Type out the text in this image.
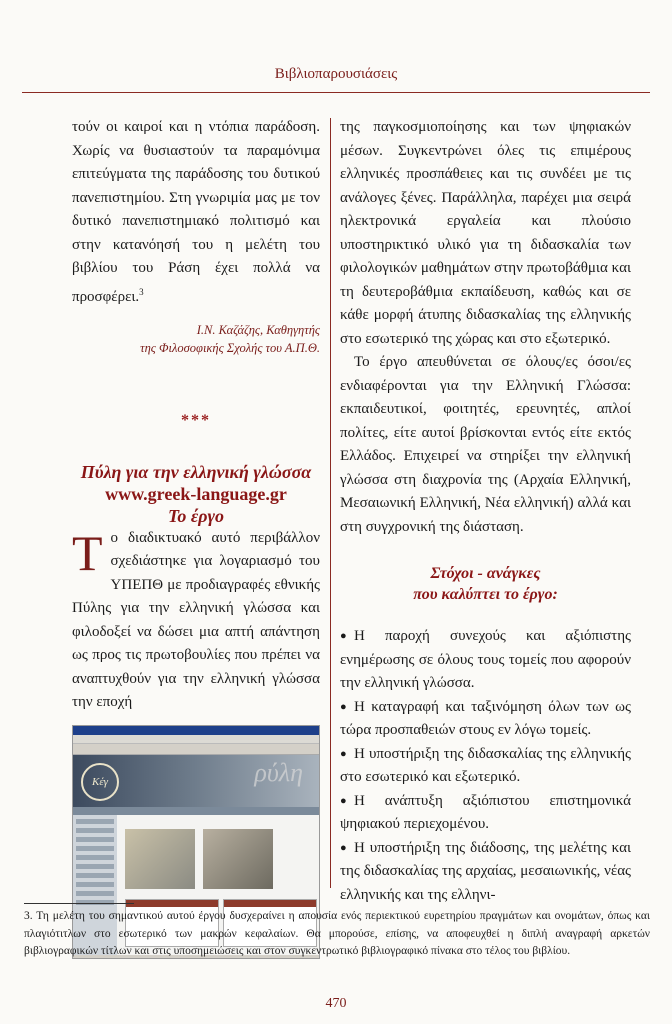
Βιβλιοπαρουσιάσεις

τούν οι καιροί και η ντόπια παράδοση. Χωρίς να θυσιαστούν τα παραμόνιμα επιτεύγματα της παράδοσης του δυτικού πανεπιστημίου. Στη γνωριμία μας με τον δυτικό πανεπιστημιακό πολιτισμό και στην κατανόησή του η μελέτη του βιβλίου του Ράση έχει πολλά να προσφέρει.$^3$

Ι.Ν. Καζάζης, Καθηγητής
της Φιλοσοφικής Σχολής του Α.Π.Θ.
***
Πύλη για την ελληνική γλώσσα
www.greek-language.gr
Το έργο

Το διαδικτυακό αυτό περιβάλλον σχεδιάστηκε για λογαριασμό του ΥΠΕΠΘ με προδιαγραφές εθνικής Πύλης για την ελληνική γλώσσα και φιλοδοξεί να δώσει μια απτή απάντηση ως προς τις πρωτοβουλίες που πρέπει να αναπτυχθούν για την ελληνική γλώσσα την εποχή

Κέγ	ρύλη

της παγκοσμιοποίησης και των ψηφιακών μέσων. Συγκεντρώνει όλες τις επιμέρους ελληνικές προσπάθειες και τις συνδέει με τις ανάλογες ξένες. Παράλληλα, παρέχει μια σειρά ηλεκτρονικά εργαλεία και πλούσιο υποστηρικτικό υλικό για τη διδασκαλία των φιλολογικών μαθημάτων στην πρωτοβάθμια και τη δευτεροβάθμια εκπαίδευση, καθώς και σε κάθε μορφή άτυπης διδασκαλίας της ελληνικής στο εσωτερικό της χώρας και στο εξωτερικό.

Το έργο απευθύνεται σε όλους/ες όσοι/ες ενδιαφέρονται για την Ελληνική Γλώσσα: εκπαιδευτικοί, φοιτητές, ερευνητές, απλοί πολίτες, είτε αυτοί βρίσκονται εντός είτε εκτός Ελλάδος. Επιχειρεί να στηρίξει την ελληνική γλώσσα στη διαχρονία της (Αρχαία Ελληνική, Μεσαιωνική Ελληνική, Νέα ελληνική) αλλά και στη συγχρονική της διάσταση.

Στόχοι - ανάγκες
που καλύπτει το έργο:
● Η παροχή συνεχούς και αξιόπιστης ενημέρωσης σε όλους τους τομείς που αφορούν την ελληνική γλώσσα.
● Η καταγραφή και ταξινόμηση όλων των ως τώρα προσπαθειών στους εν λόγω τομείς.
● Η υποστήριξη της διδασκαλίας της ελληνικής στο εσωτερικό και εξωτερικό.
● Η ανάπτυξη αξιόπιστου επιστημονικά ψηφιακού περιεχομένου.
● Η υποστήριξη της διάδοσης, της μελέτης και της διδασκαλίας της αρχαίας, μεσαιωνικής, νέας ελληνικής και της ελληνι-
3. Τη μελέτη του σημαντικού αυτού έργου δυσχεραίνει η απουσία ενός περιεκτικού ευρετηρίου πραγμάτων και ονομάτων, όπως και πλαγιότιτλων στο εσωτερικό των μακρών κεφαλαίων. Θα μπορούσε, επίσης, να αποφευχθεί η διπλή αναγραφή αρκετών βιβλιογραφικών τίτλων και στις υποσημειώσεις και στον συγκεντρωτικό βιβλιογραφικό πίνακα στο τέλος του βιβλίου.
470
